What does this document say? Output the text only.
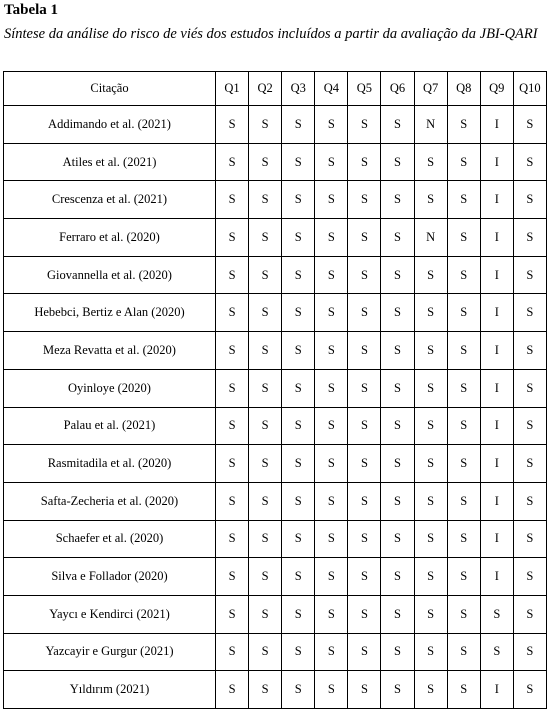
Tabela 1
Síntese da análise do risco de viés dos estudos incluídos a partir da avaliação da JBI-QARI
Citação	Q1	Q2	Q3	Q4	Q5	Q6	Q7	Q8	Q9	Q10
Addimando et al. (2021)	S	S	S	S	S	S	N	S	I	S
Atiles et al. (2021)	S	S	S	S	S	S	S	S	I	S
Crescenza et al. (2021)	S	S	S	S	S	S	S	S	I	S
Ferraro et al. (2020)	S	S	S	S	S	S	N	S	I	S
Giovannella et al. (2020)	S	S	S	S	S	S	S	S	I	S
Hebebci, Bertiz e Alan (2020)	S	S	S	S	S	S	S	S	I	S
Meza Revatta et al. (2020)	S	S	S	S	S	S	S	S	I	S
Oyinloye (2020)	S	S	S	S	S	S	S	S	I	S
Palau et al. (2021)	S	S	S	S	S	S	S	S	I	S
Rasmitadila et al. (2020)	S	S	S	S	S	S	S	S	I	S
Safta-Zecheria et al. (2020)	S	S	S	S	S	S	S	S	I	S
Schaefer et al. (2020)	S	S	S	S	S	S	S	S	I	S
Silva e Follador (2020)	S	S	S	S	S	S	S	S	I	S
Yaycı e Kendirci (2021)	S	S	S	S	S	S	S	S	S	S
Yazcayir e Gurgur (2021)	S	S	S	S	S	S	S	S	S	S
Yıldırım (2021)	S	S	S	S	S	S	S	S	I	S
